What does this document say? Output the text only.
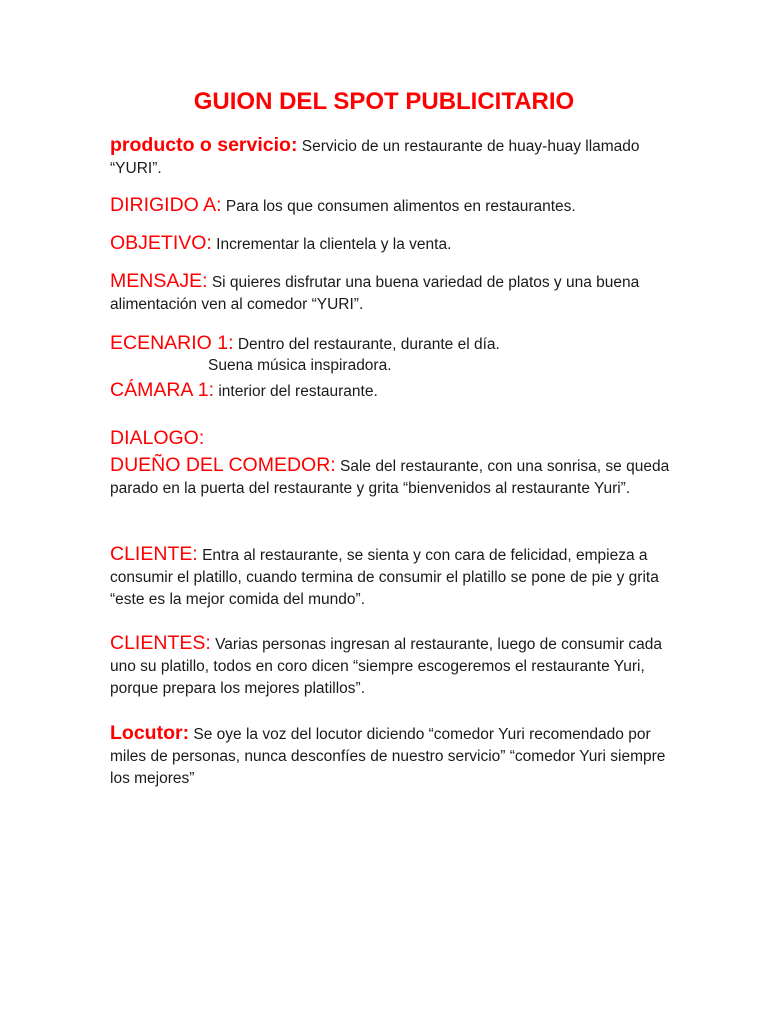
GUION DEL SPOT PUBLICITARIO
producto o servicio: Servicio de un restaurante de huay-huay llamado “YURI”.
DIRIGIDO A: Para los que consumen alimentos en restaurantes.
OBJETIVO: Incrementar la clientela y la venta.
MENSAJE: Si quieres disfrutar una buena variedad de platos y una buena alimentación ven al comedor “YURI”.
ECENARIO 1: Dentro del restaurante, durante el día.
Suena música inspiradora.
CÁMARA 1: interior del restaurante.
DIALOGO:
DUEÑO DEL COMEDOR: Sale del restaurante, con una sonrisa, se queda parado en la puerta del restaurante y grita “bienvenidos al restaurante Yuri”.
CLIENTE: Entra al restaurante, se sienta y con cara de felicidad, empieza a consumir el platillo, cuando termina de consumir el platillo se pone de pie y grita “este es la mejor comida del mundo”.
CLIENTES: Varias personas ingresan al restaurante, luego de consumir cada uno su platillo, todos en coro dicen “siempre escogeremos el restaurante Yuri, porque prepara los mejores platillos”.
Locutor: Se oye la voz del locutor diciendo “comedor Yuri recomendado por miles de personas, nunca desconfíes de nuestro servicio” “comedor Yuri siempre los mejores”
